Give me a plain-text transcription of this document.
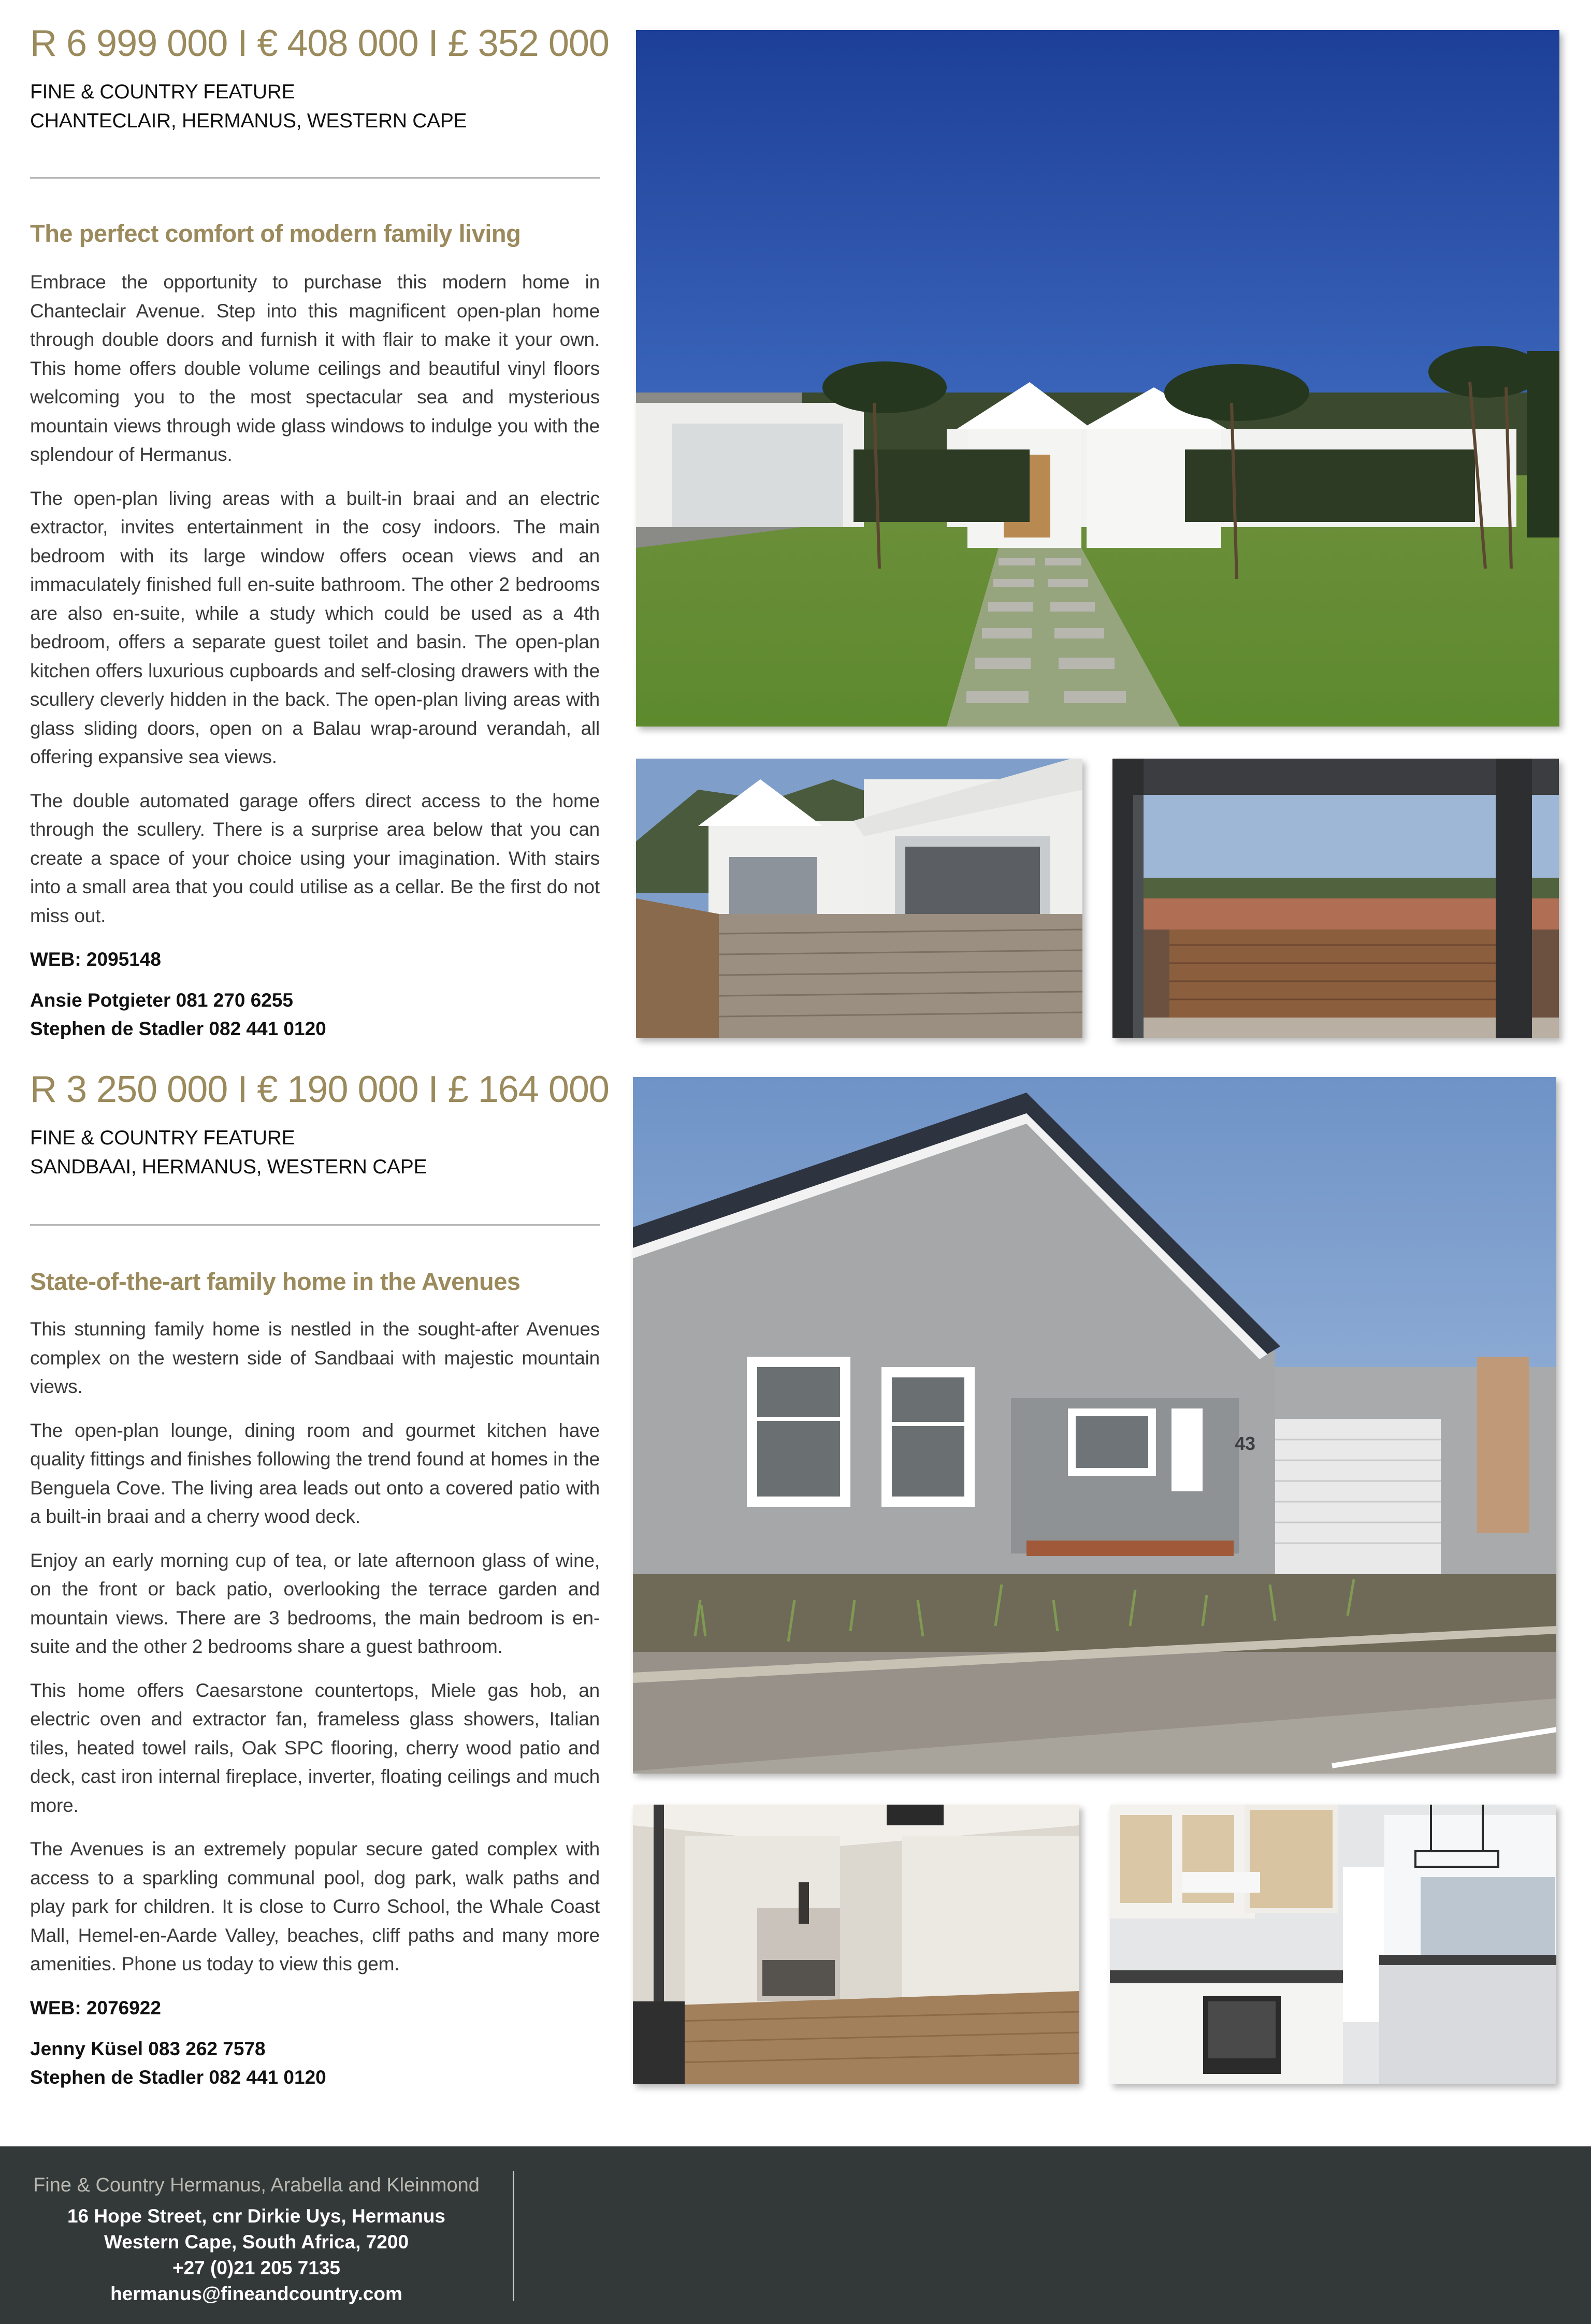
R 6 999 000 I € 408 000 I £ 352 000

FINE & COUNTRY FEATURE
CHANTECLAIR, HERMANUS, WESTERN CAPE
The perfect comfort of modern family living

Embrace the opportunity to purchase this modern home in Chanteclair Avenue. Step into this magnificent open-plan home through double doors and furnish it with flair to make it your own. This home offers double volume ceilings and beautiful vinyl floors welcoming you to the most spectacular sea and mysterious mountain views through wide glass windows to indulge you with the splendour of Hermanus.

The open-plan living areas with a built-in braai and an electric extractor, invites entertainment in the cosy indoors. The main bedroom with its large window offers ocean views and an immaculately finished full en-suite bathroom. The other 2 bedrooms are also en-suite, while a study which could be used as a 4th bedroom, offers a separate guest toilet and basin. The open-plan kitchen offers luxurious cupboards and self-closing drawers with the scullery cleverly hidden in the back. The open-plan living areas with glass sliding doors, open on a Balau wrap-around verandah, all offering expansive sea views.

The double automated garage offers direct access to the home through the scullery. There is a surprise area below that you can create a space of your choice using your imagination. With stairs into a small area that you could utilise as a cellar. Be the first do not miss out.

WEB: 2095148

Ansie Potgieter 081 270 6255

Stephen de Stadler 082 441 0120

R 3 250 000 I € 190 000 I £ 164 000

FINE & COUNTRY FEATURE
SANDBAAI, HERMANUS, WESTERN CAPE
State-of-the-art family home in the Avenues

This stunning family home is nestled in the sought-after Avenues complex on the western side of Sandbaai with majestic mountain views.

The open-plan lounge, dining room and gourmet kitchen have quality fittings and finishes following the trend found at homes in the Benguela Cove. The living area leads out onto a covered patio with a built-in braai and a cherry wood deck.

Enjoy an early morning cup of tea, or late afternoon glass of wine, on the front or back patio, overlooking the terrace garden and mountain views. There are 3 bedrooms, the main bedroom is en-suite and the other 2 bedrooms share a guest bathroom.

This home offers Caesarstone countertops, Miele gas hob, an electric oven and extractor fan, frameless glass showers, Italian tiles, heated towel rails, Oak SPC flooring, cherry wood patio and deck, cast iron internal fireplace, inverter, floating ceilings and much more.

The Avenues is an extremely popular secure gated complex with access to a sparkling communal pool, dog park, walk paths and play park for children. It is close to Curro School, the Whale Coast Mall, Hemel-en-Aarde Valley, beaches, cliff paths and many more amenities. Phone us today to view this gem.

WEB: 2076922

Jenny Küsel 083 262 7578

Stephen de Stadler 082 441 0120

43
Fine & Country Hermanus, Arabella and Kleinmond
16 Hope Street, cnr Dirkie Uys, Hermanus
Western Cape, South Africa, 7200
+27 (0)21 205 7135
hermanus@fineandcountry.com
